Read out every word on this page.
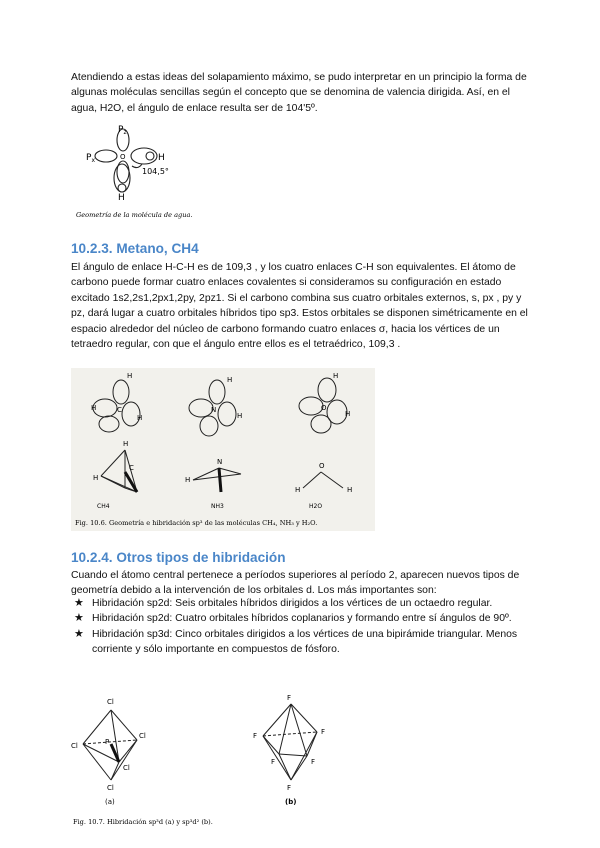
Atendiendo a estas ideas del solapamiento máximo, se pudo interpretar en un principio la forma de algunas moléculas sencillas según el concepto que se denomina de valencia dirigida. Así, en el agua, H2O, el ángulo de enlace resulta ser de 104'5º.

$P_z$
$P_x$	O	H
H
104,5°
Geometría de la molécula de agua.
10.2.3. Metano, CH4

El ángulo de enlace H-C-H es de 109,3 , y los cuatro enlaces C-H son equivalentes. El átomo de carbono puede formar cuatro enlaces covalentes si consideramos su configuración en estado excitado 1s2,2s1,2px1,2py, 2pz1. Si el carbono combina sus cuatro orbitales externos, s, px , py y pz, dará lugar a cuatro orbitales híbridos tipo sp3. Estos orbitales se disponen simétricamente en el espacio alrededor del núcleo de carbono formando cuatro enlaces σ, hacia los vértices de un tetraedro regular, con que el ángulo entre ellos es el tetraédrico, 109,3 .

H
H
H
C
H
N
H
H
O
H
H
H
C
N
H
O
H	H
CH4	NH3	H2O
Fig. 10.6. Geometría e hibridación sp³ de las moléculas CH₄, NH₃ y H₂O.
10.2.4. Otros tipos de hibridación

Cuando el átomo central pertenece a períodos superiores al período 2, aparecen nuevos tipos de geometría debido a la intervención de los orbitales d. Los más importantes son:

★ Hibridación sp2d: Seis orbitales híbridos dirigidos a los vértices de un octaedro regular.
★ Hibridación sp2d: Cuatro orbitales híbridos coplanarios y formando entre sí ángulos de 90º.
★ Hibridación sp3d: Cinco orbitales dirigidos a los vértices de una bipirámide triangular. Menos corriente y sólo importante en compuestos de fósforo.
Cl
Cl
Cl
Cl
Cl
P
F
F	F
F	F
F
(a)	(b)
Fig. 10.7. Hibridación sp³d (a) y sp³d² (b).
